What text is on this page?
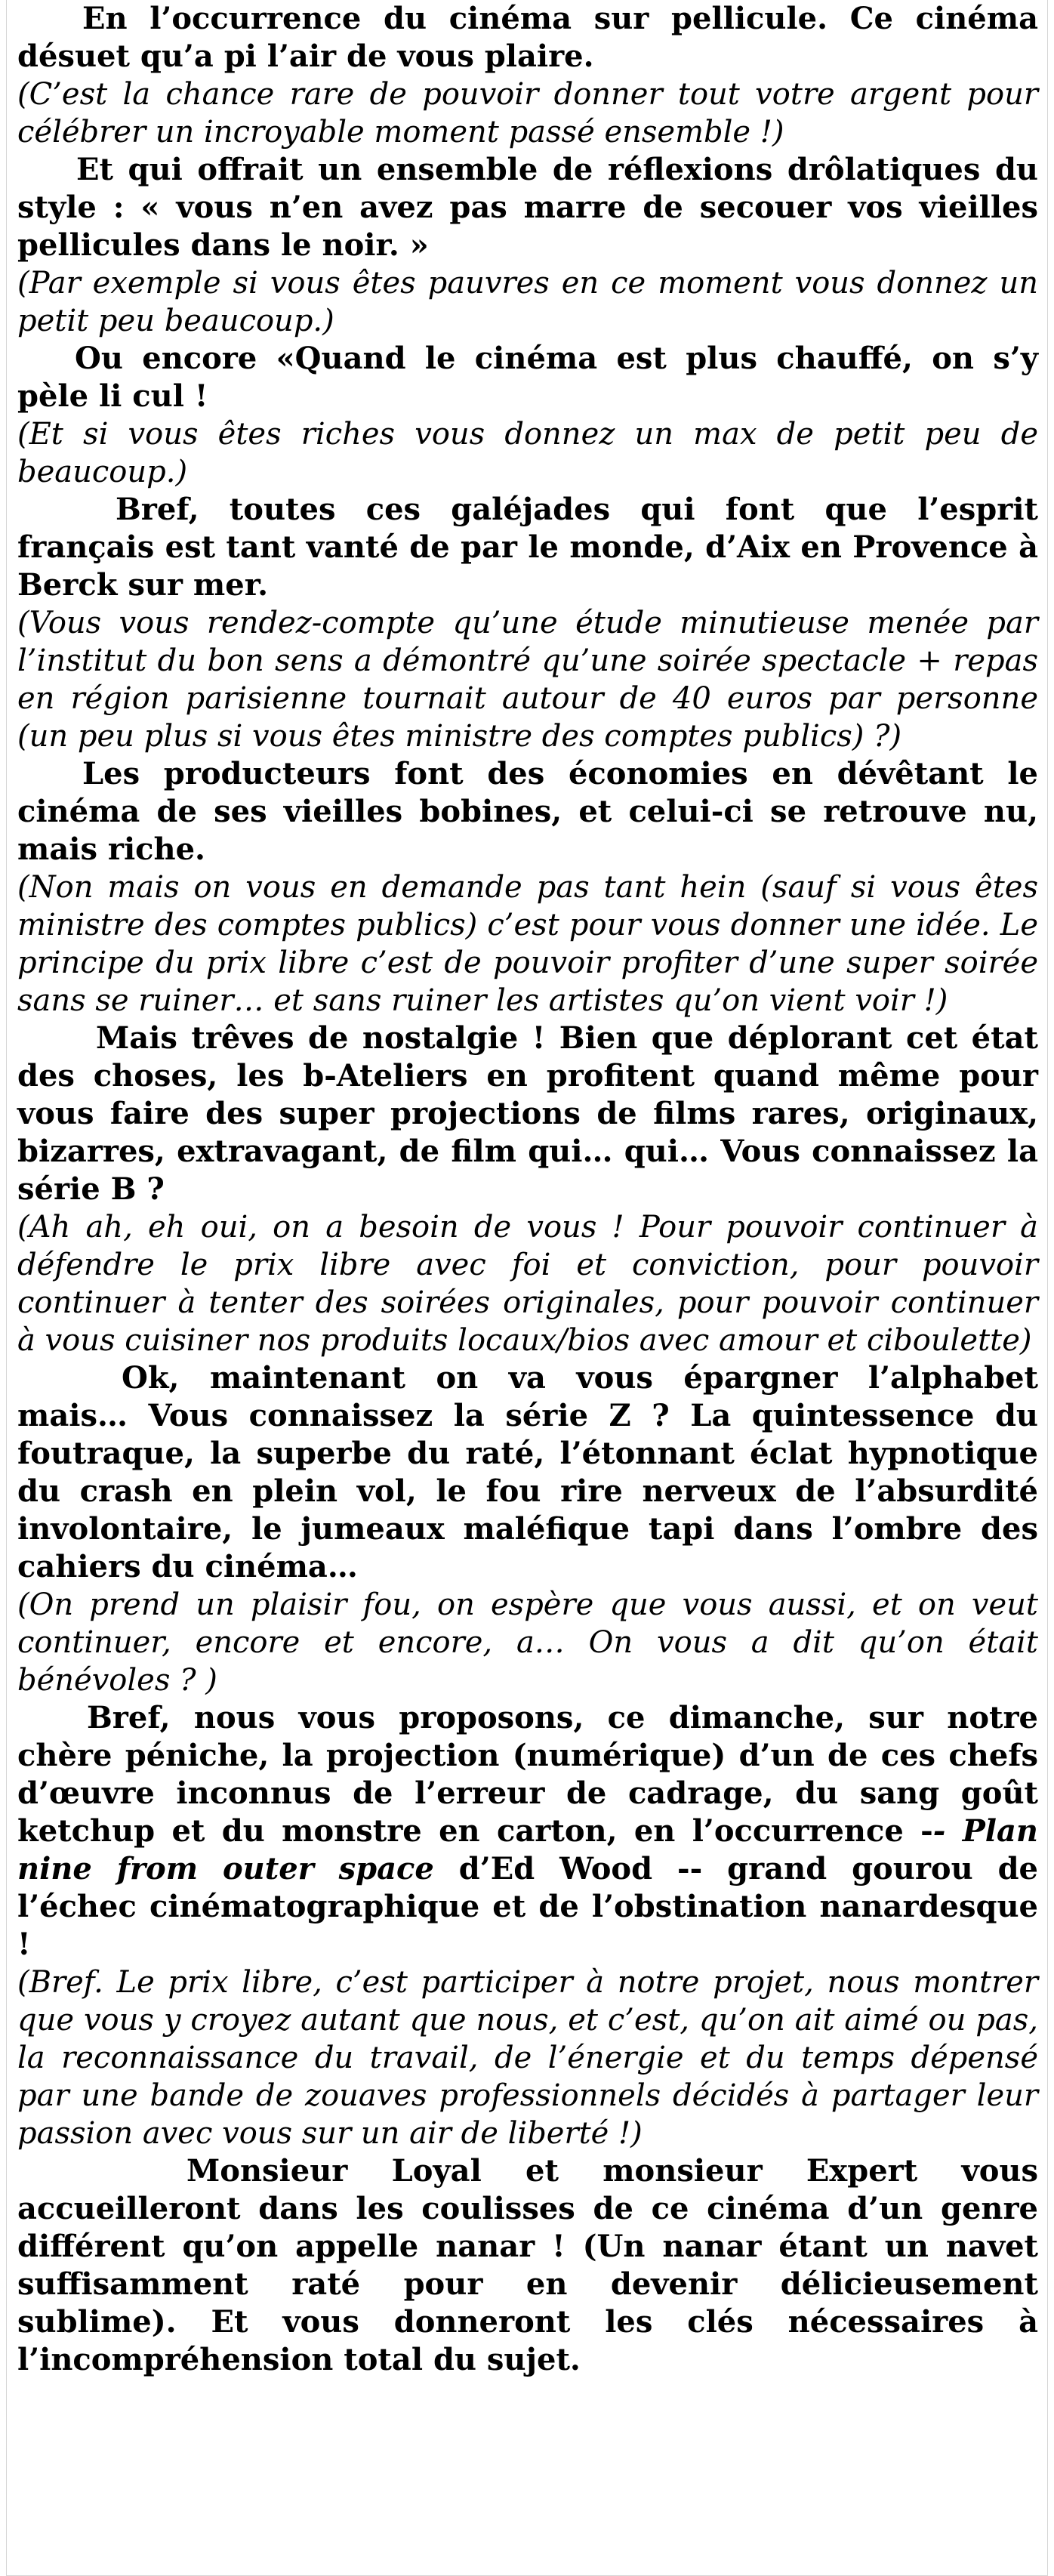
En l’occurrence du cinéma sur pellicule. Ce cinéma désuet qu’a pi l’air de vous plaire.

(C’est la chance rare de pouvoir donner tout votre argent pour célébrer un incroyable moment passé ensemble !)

Et qui offrait un ensemble de réflexions drôlatiques du style : « vous n’en avez pas marre de secouer vos vieilles pellicules dans le noir. »

(Par exemple si vous êtes pauvres en ce moment vous donnez un petit peu beaucoup.)

Ou encore «Quand le cinéma est plus chauffé, on s’y pèle li cul !

(Et si vous êtes riches vous donnez un max de petit peu de beaucoup.)

Bref, toutes ces galéjades qui font que l’esprit français est tant vanté de par le monde, d’Aix en Provence à Berck sur mer.

(Vous vous rendez-compte qu’une étude minutieuse menée par l’institut du bon sens a démontré qu’une soirée spectacle + repas en région parisienne tournait autour de 40 euros par personne (un peu plus si vous êtes ministre des comptes publics) ?)

Les producteurs font des économies en dévêtant le cinéma de ses vieilles bobines, et celui-ci se retrouve nu, mais riche.

(Non mais on vous en demande pas tant hein (sauf si vous êtes ministre des comptes publics) c’est pour vous donner une idée. Le principe du prix libre c’est de pouvoir profiter d’une super soirée sans se ruiner… et sans ruiner les artistes qu’on vient voir !)

Mais trêves de nostalgie ! Bien que déplorant cet état des choses, les b-Ateliers en profitent quand même pour vous faire des super projections de films rares, originaux, bizarres, extravagant, de film qui… qui… Vous connaissez la série B ?

(Ah ah, eh oui, on a besoin de vous ! Pour pouvoir continuer à défendre le prix libre avec foi et conviction, pour pouvoir continuer à tenter des soirées originales, pour pouvoir continuer à vous cuisiner nos produits locaux/bios avec amour et ciboulette)

Ok, maintenant on va vous épargner l’alphabet mais… Vous connaissez la série Z ? La quintessence du foutraque, la superbe du raté, l’étonnant éclat hypnotique du crash en plein vol, le fou rire nerveux de l’absurdité involontaire, le jumeaux maléfique tapi dans l’ombre des cahiers du cinéma…

(On prend un plaisir fou, on espère que vous aussi, et on veut continuer, encore et encore, a… On vous a dit qu’on était bénévoles ? )

Bref, nous vous proposons, ce dimanche, sur notre chère péniche, la projection (numérique) d’un de ces chefs d’œuvre inconnus de l’erreur de cadrage, du sang goût ketchup et du monstre en carton, en l’occurrence -- Plan nine from outer space d’Ed Wood -- grand gourou de l’échec cinématographique et de l’obstination nanardesque !

(Bref. Le prix libre, c’est participer à notre projet, nous montrer que vous y croyez autant que nous, et c’est, qu’on ait aimé ou pas, la reconnaissance du travail, de l’énergie et du temps dépensé par une bande de zouaves professionnels décidés à partager leur passion avec vous sur un air de liberté !)

Monsieur Loyal et monsieur Expert vous accueilleront dans les coulisses de ce cinéma d’un genre différent qu’on appelle nanar ! (Un nanar étant un navet suffisamment raté pour en devenir délicieusement sublime). Et vous donneront les clés nécessaires à l’incompréhension total du sujet.
